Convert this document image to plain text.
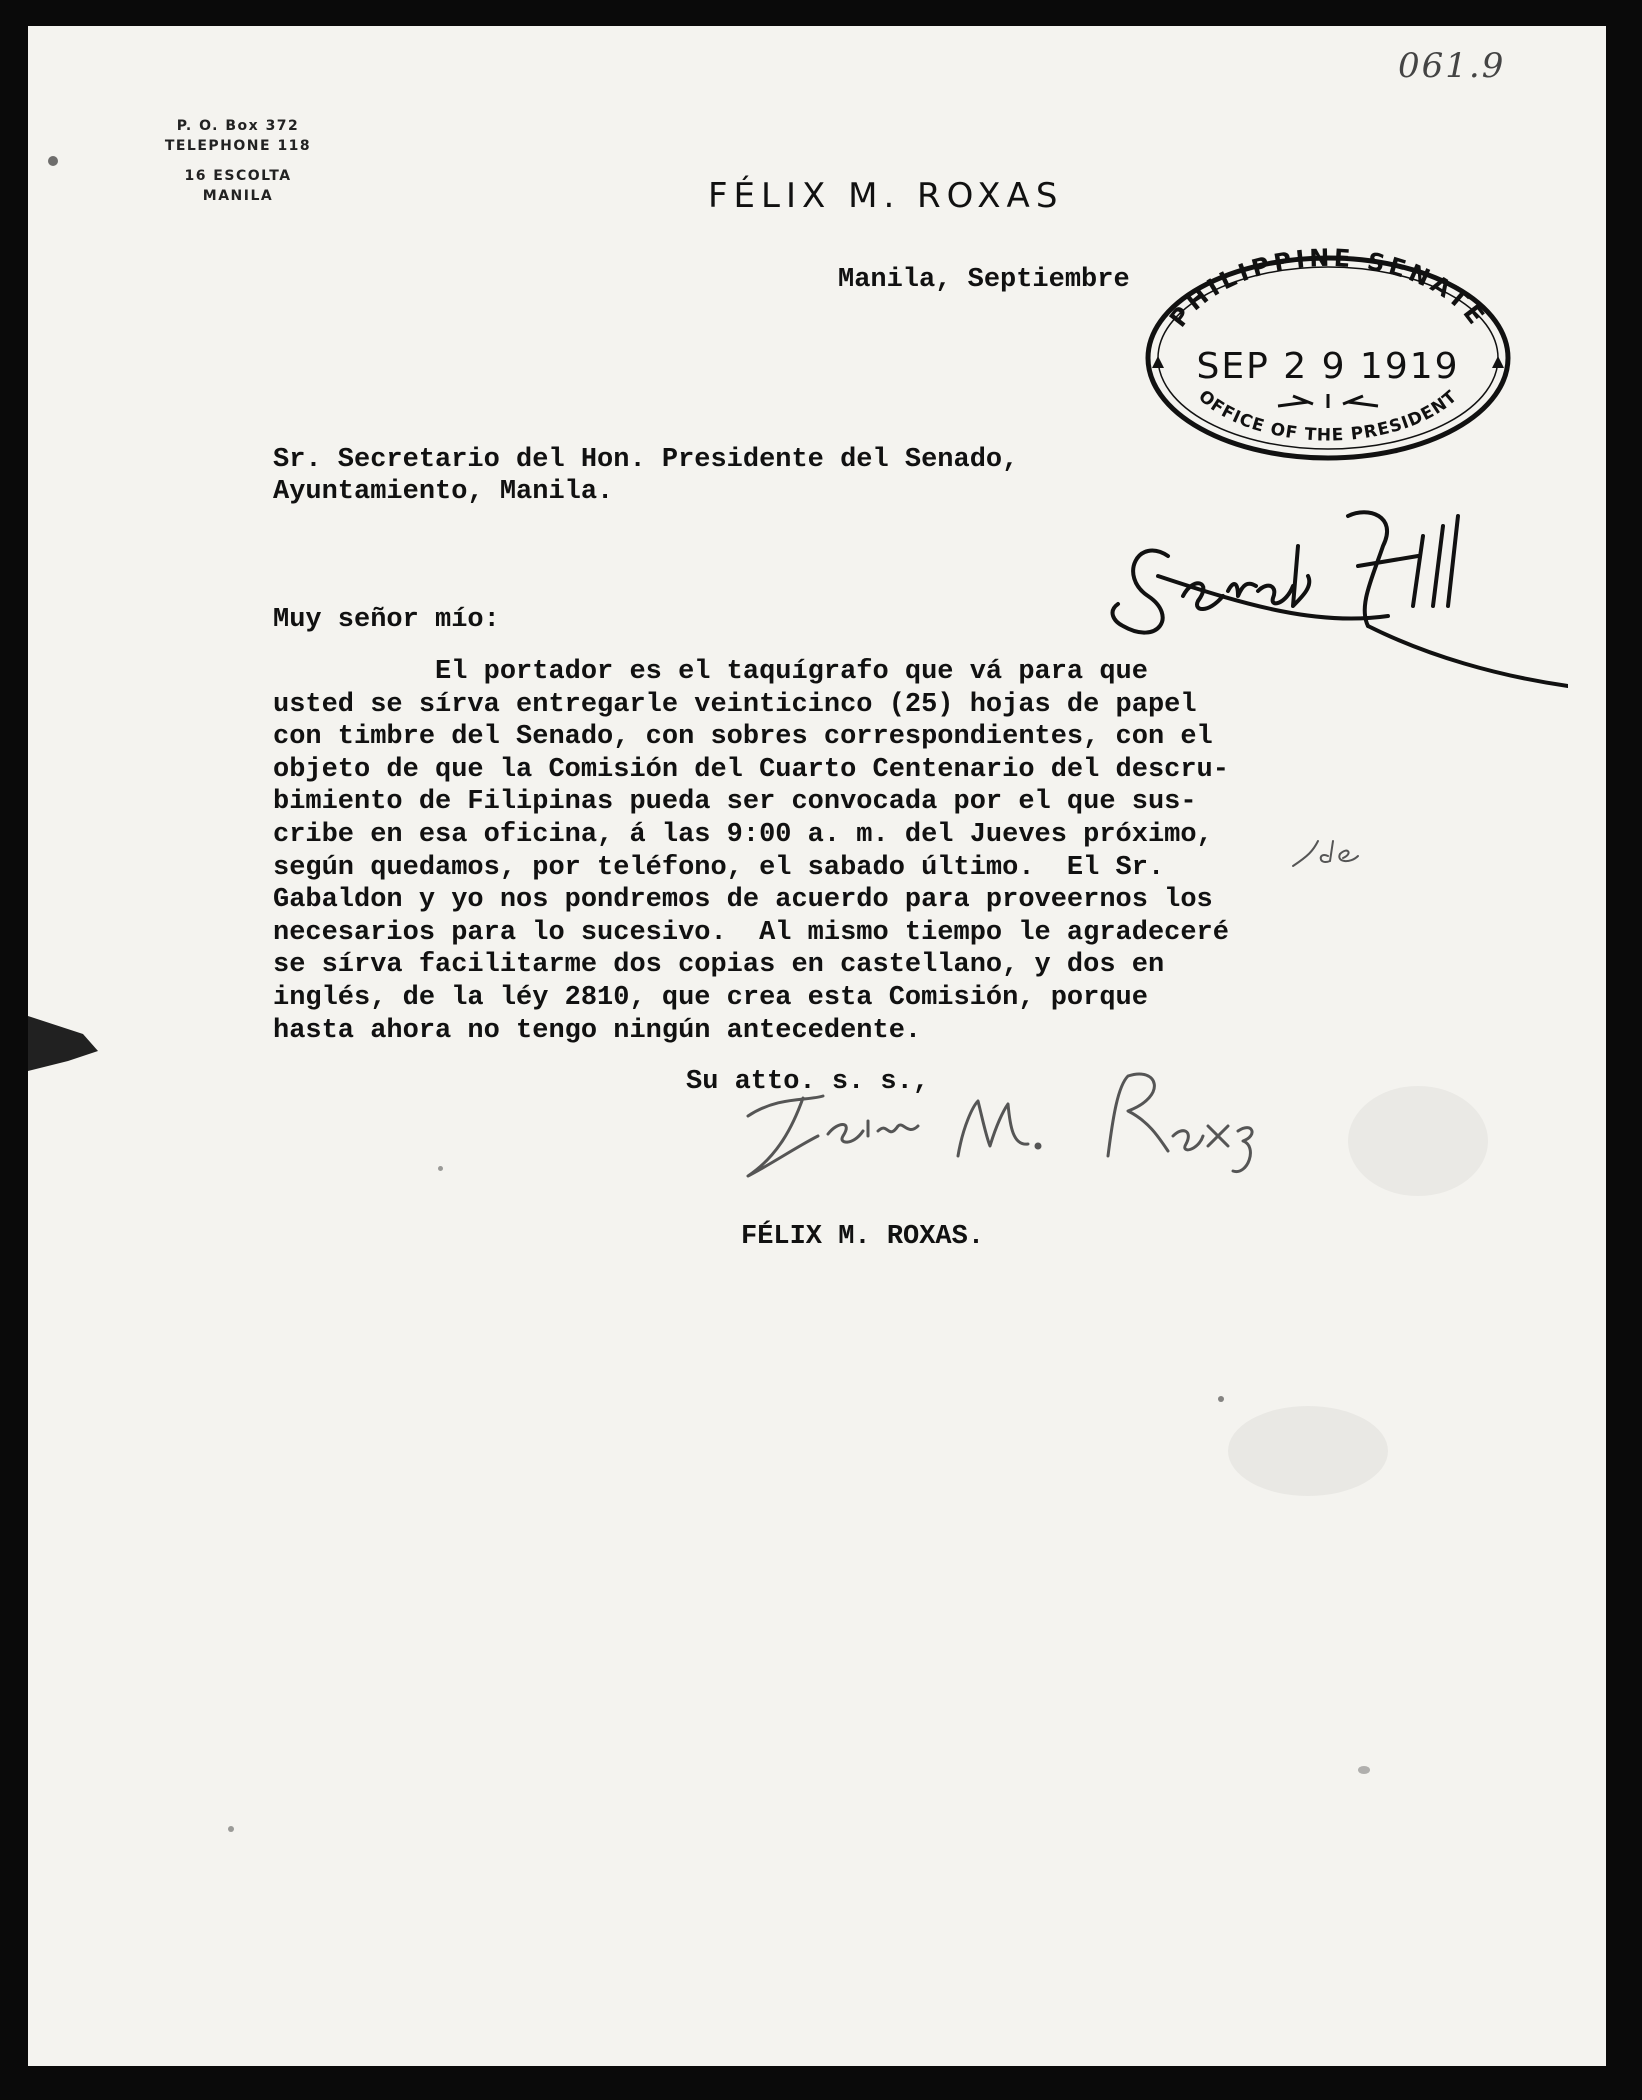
061.9

P. O. Box 372

TELEPHONE 118

16 ESCOLTA

MANILA	FÉLIX M. ROXAS

Manila, Septiembre

PHILIPPINE SENATE
SEP 2 9 1919
OFFICE OF THE PRESIDENT

Sr. Secretario del Hon. Presidente del Senado,

Ayuntamiento, Manila.

Muy señor mío:

El portador es el taquígrafo que vá para que

usted se sírva entregarle veinticinco (25) hojas de papel

con timbre del Senado, con sobres correspondientes, con el

objeto de que la Comisión del Cuarto Centenario del descru-

bimiento de Filipinas pueda ser convocada por el que sus-

cribe en esa oficina, á las 9:00 a. m. del Jueves próximo,

según quedamos, por teléfono, el sabado último.  El Sr.

Gabaldon y yo nos pondremos de acuerdo para proveernos los

necesarios para lo sucesivo.  Al mismo tiempo le agradeceré

se sírva facilitarme dos copias en castellano, y dos en

inglés, de la léy 2810, que crea esta Comisión, porque

hasta ahora no tengo ningún antecedente.

Su atto. s. s.,

FÉLIX M. ROXAS.
